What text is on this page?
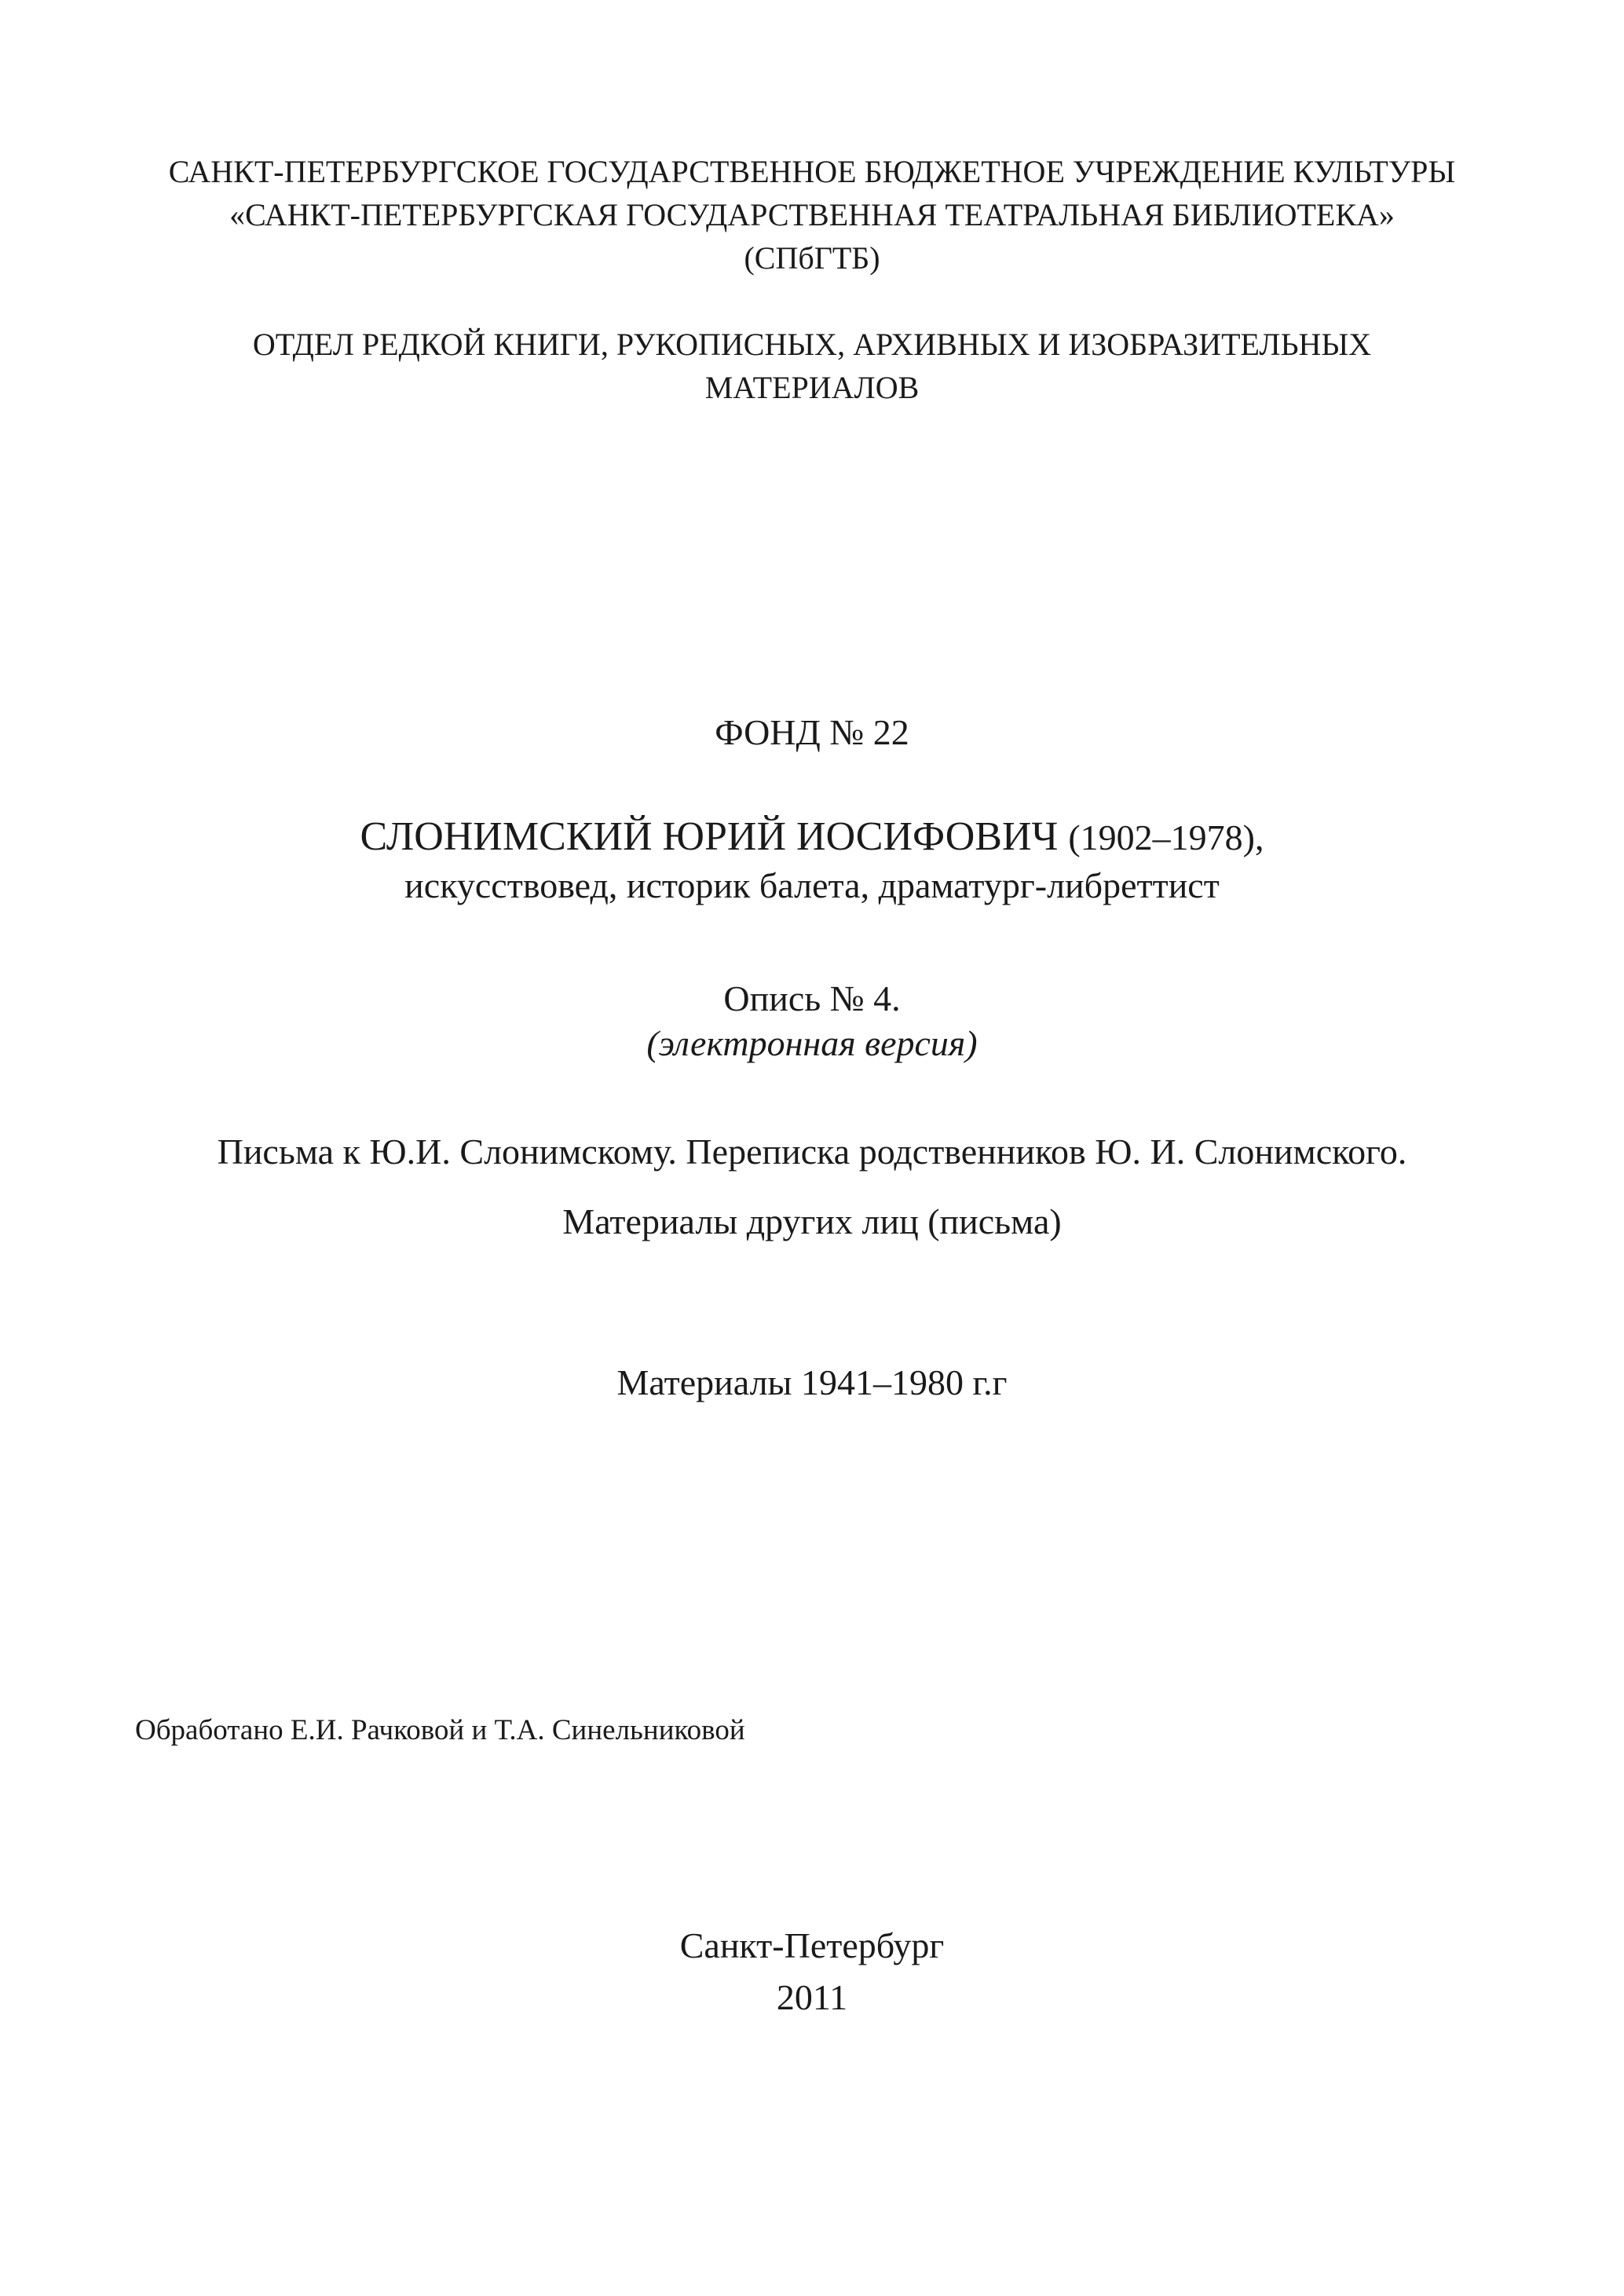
САНКТ-ПЕТЕРБУРГСКОЕ ГОСУДАРСТВЕННОЕ БЮДЖЕТНОЕ УЧРЕЖДЕНИЕ КУЛЬТУРЫ
«САНКТ-ПЕТЕРБУРГСКАЯ ГОСУДАРСТВЕННАЯ ТЕАТРАЛЬНАЯ БИБЛИОТЕКА»
(СПбГТБ)
ОТДЕЛ РЕДКОЙ КНИГИ, РУКОПИСНЫХ, АРХИВНЫХ И ИЗОБРАЗИТЕЛЬНЫХ
МАТЕРИАЛОВ
ФОНД № 22
СЛОНИМСКИЙ ЮРИЙ ИОСИФОВИЧ (1902–1978),
искусствовед, историк балета, драматург-либреттист
Опись № 4.
(электронная версия)
Письма к Ю.И. Слонимскому. Переписка родственников Ю. И. Слонимского.
Материалы других лиц (письма)
Материалы 1941–1980 г.г
Обработано Е.И. Рачковой и Т.А. Синельниковой
Санкт-Петербург
2011
